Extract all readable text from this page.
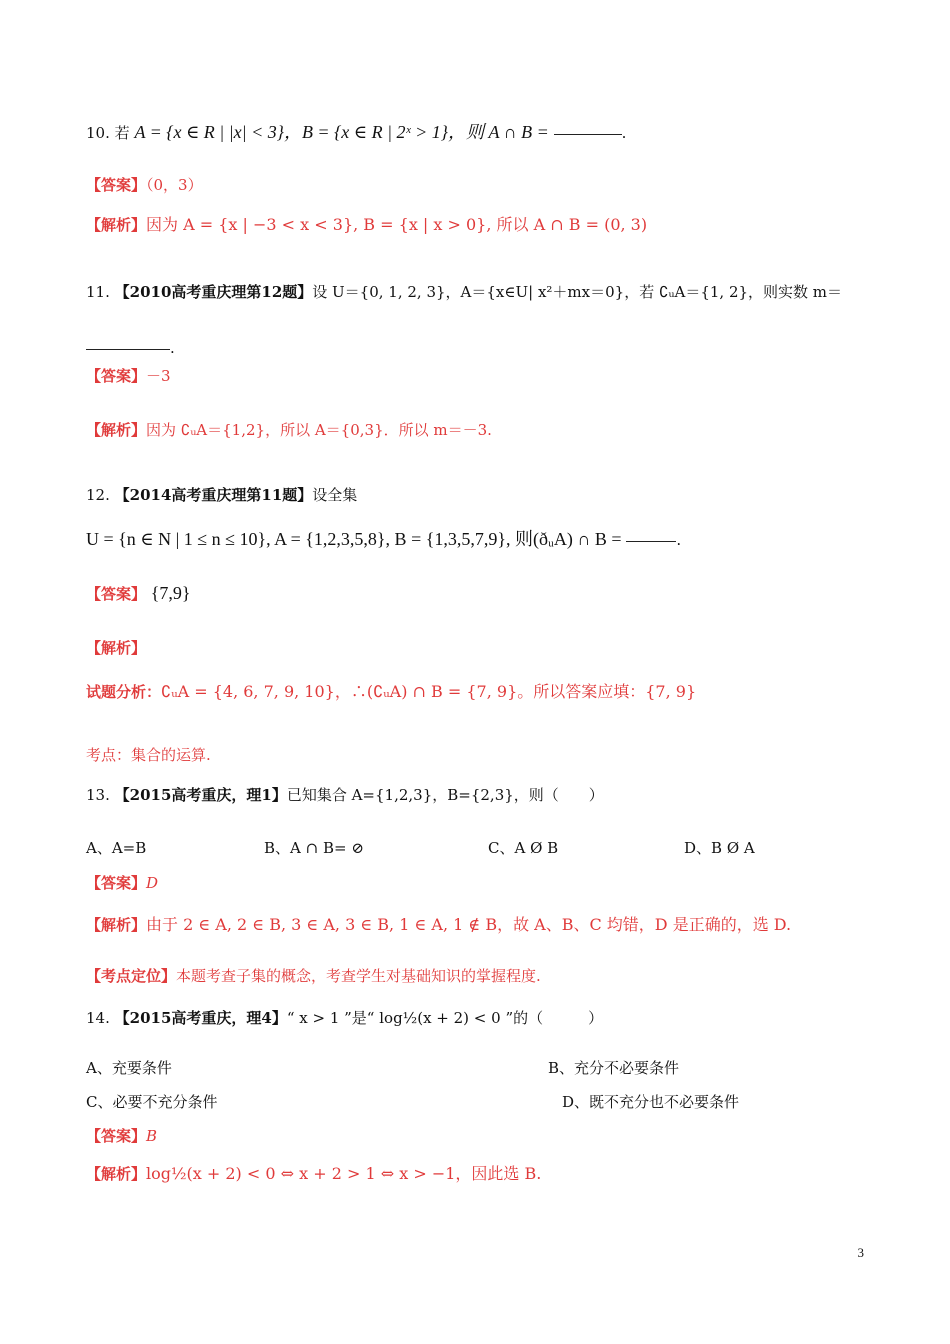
10. 若 A = {x ∈ R | |x| < 3}，B = {x ∈ R | 2ˣ > 1}，则 A ∩ B =	.
【答案】（0，3）
【解析】因为 A = {x | −3 < x < 3}, B = {x | x > 0}, 所以 A ∩ B = (0, 3)
11. 【2010高考重庆理第12题】设 U＝{0, 1, 2, 3}，A＝{x∈U| x²＋mx＝0}，若 ∁ᵤA＝{1, 2}，则实数 m＝
.
【答案】－3
【解析】因为 ∁ᵤA＝{1,2}，所以 A＝{0,3}．所以 m＝－3.
12. 【2014高考重庆理第11题】设全集
U = {n ∈ N | 1 ≤ n ≤ 10}, A = {1,2,3,5,8}, B = {1,3,5,7,9}, 则(ðᵤA) ∩ B =	.
【答案】 {7,9}
【解析】
试题分析：∁ᵤA = {4, 6, 7, 9, 10}，∴(∁ᵤA) ∩ B = {7, 9}。所以答案应填：{7, 9}
考点：集合的运算.
13. 【2015高考重庆，理1】已知集合 A={1,2,3}，B={2,3}，则（　　）
A、A=B	B、A ∩ B= ⊘	C、A Ø B	D、B Ø A
【答案】D
【解析】由于 2 ∈ A, 2 ∈ B, 3 ∈ A, 3 ∈ B, 1 ∈ A, 1 ∉ B，故 A、B、C 均错，D 是正确的，选 D.
【考点定位】本题考查子集的概念，考查学生对基础知识的掌握程度.
14. 【2015高考重庆，理4】“ x > 1 ”是“ log½(x + 2) < 0 ”的（　　　）
A、充要条件	B、充分不必要条件
C、必要不充分条件	D、既不充分也不必要条件
【答案】B
【解析】log½(x + 2) < 0 ⇔ x + 2 > 1 ⇔ x > −1，因此选 B.
3
